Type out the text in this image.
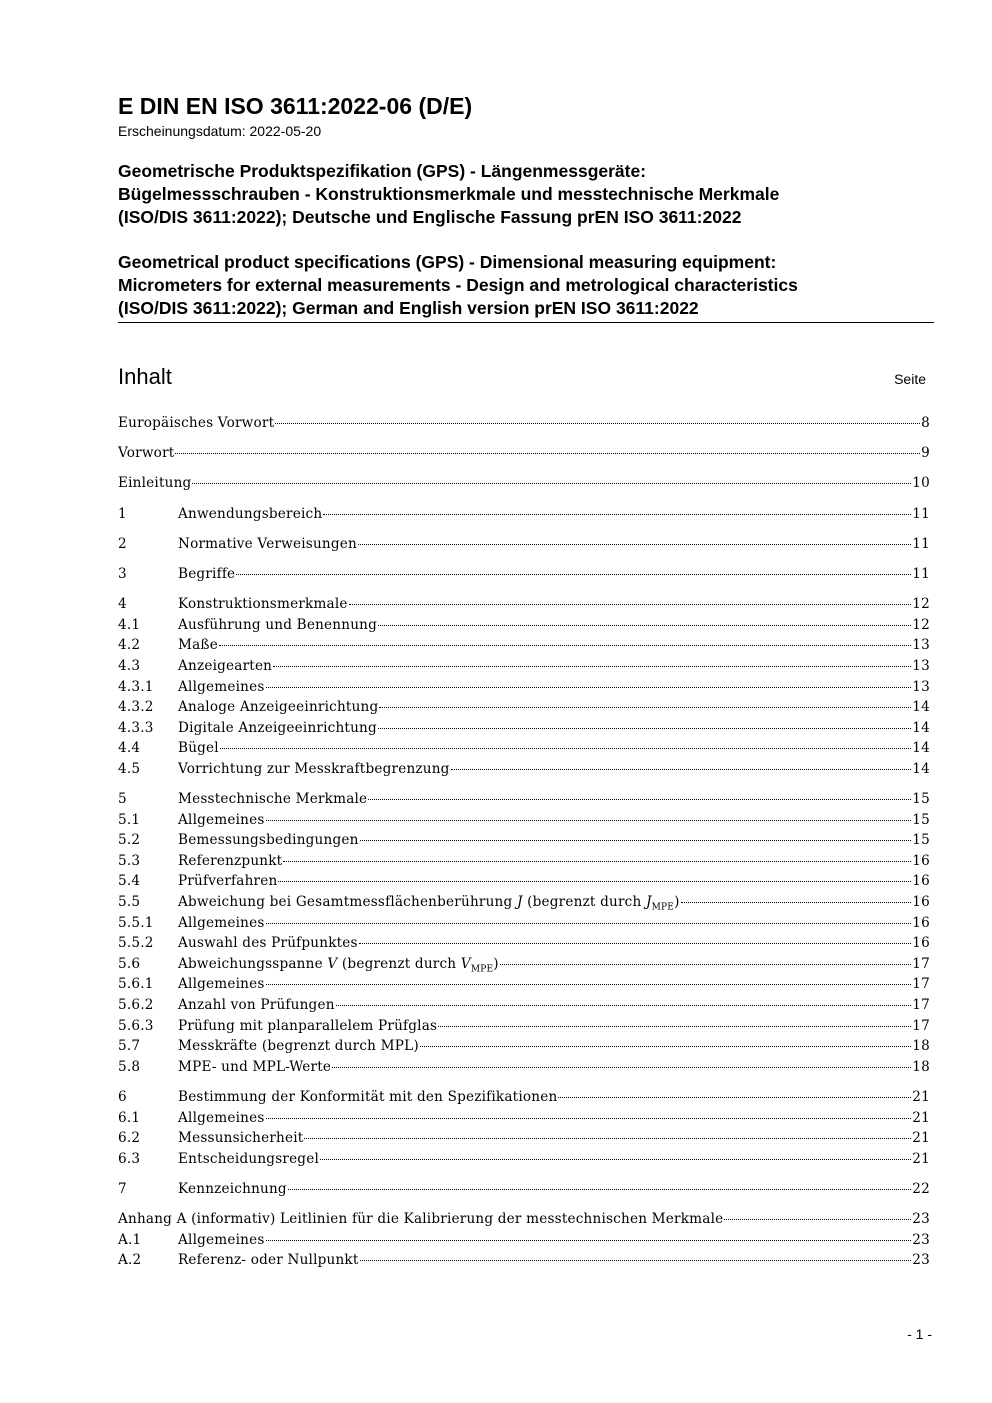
E DIN EN ISO 3611:2022-06 (D/E)

Erscheinungsdatum: 2022-05-20

Geometrische Produktspezifikation (GPS) - Längenmessgeräte:
Bügelmessschrauben - Konstruktionsmerkmale und messtechnische Merkmale
(ISO/DIS 3611:2022); Deutsche und Englische Fassung prEN ISO 3611:2022

Geometrical product specifications (GPS) - Dimensional measuring equipment:
Micrometers for external measurements - Design and metrological characteristics
(ISO/DIS 3611:2022); German and English version prEN ISO 3611:2022

Inhalt	Seite
Europäisches Vorwort	8
Vorwort	9
Einleitung	10
1	Anwendungsbereich	11
2	Normative Verweisungen	11
3	Begriffe	11
4	Konstruktionsmerkmale	12
4.1	Ausführung und Benennung	12
4.2	Maße	13
4.3	Anzeigearten	13
4.3.1	Allgemeines	13
4.3.2	Analoge Anzeigeeinrichtung	14
4.3.3	Digitale Anzeigeeinrichtung	14
4.4	Bügel	14
4.5	Vorrichtung zur Messkraftbegrenzung	14
5	Messtechnische Merkmale	15
5.1	Allgemeines	15
5.2	Bemessungsbedingungen	15
5.3	Referenzpunkt	16
5.4	Prüfverfahren	16
5.5	Abweichung bei Gesamtmessflächenberührung J (begrenzt durch $J_{MPE}$)	16
5.5.1	Allgemeines	16
5.5.2	Auswahl des Prüfpunktes	16
5.6	Abweichungsspanne V (begrenzt durch $V_{MPE}$)	17
5.6.1	Allgemeines	17
5.6.2	Anzahl von Prüfungen	17
5.6.3	Prüfung mit planparallelem Prüfglas	17
5.7	Messkräfte (begrenzt durch MPL)	18
5.8	MPE- und MPL-Werte	18
6	Bestimmung der Konformität mit den Spezifikationen	21
6.1	Allgemeines	21
6.2	Messunsicherheit	21
6.3	Entscheidungsregel	21
7	Kennzeichnung	22
Anhang A (informativ) Leitlinien für die Kalibrierung der messtechnischen Merkmale	23
A.1	Allgemeines	23
A.2	Referenz- oder Nullpunkt	23
- 1 -
